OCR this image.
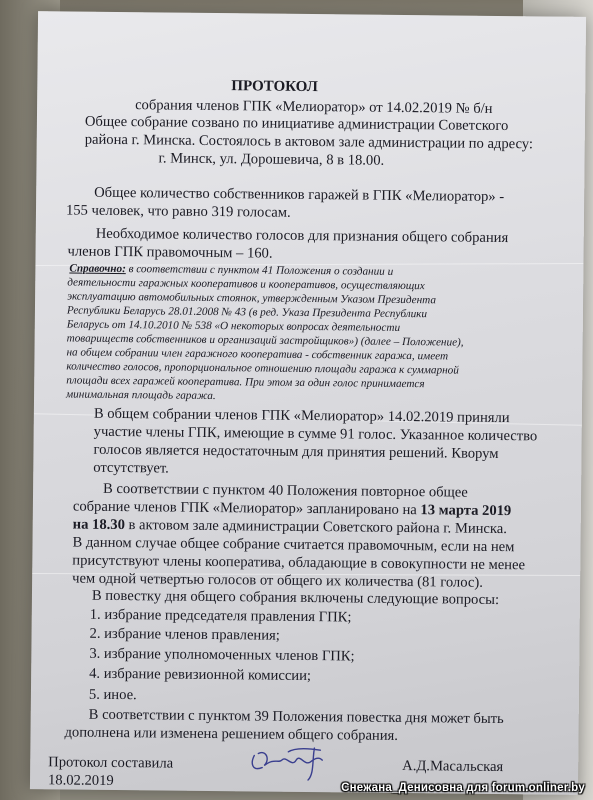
ПРОТОКОЛ
собрания членов ГПК «Мелиоратор» от 14.02.2019 № б/н
Общее собрание созвано по инициативе администрации Советского
района г. Минска. Состоялось в актовом зале администрации по адресу:
г. Минск, ул. Дорошевича, 8 в 18.00.
Общее количество собственников гаражей в ГПК «Мелиоратор» -
155 человек, что равно 319 голосам.
Необходимое количество голосов для признания общего собрания
членов ГПК правомочным – 160.
Справочно: в соответствии с пунктом 41 Положения о создании и
деятельности гаражных кооперативов и кооперативов, осуществляющих
эксплуатацию автомобильных стоянок, утвержденным Указом Президента
Республики Беларусь 28.01.2008 № 43 (в ред. Указа Президента Республики
Беларусь от 14.10.2010 № 538 «О некоторых вопросах деятельности
товариществ собственников и организаций застройщиков») (далее – Положение),
на общем собрании член гаражного кооператива - собственник гаража, имеет
количество голосов, пропорциональное отношению площади гаража к суммарной
площади всех гаражей кооператива. При этом за один голос принимается
минимальная площадь гаража.
В общем собрании членов ГПК «Мелиоратор» 14.02.2019 приняли
участие члены ГПК, имеющие в сумме 91 голос. Указанное количество
голосов является недостаточным для принятия решений. Кворум
отсутствует.
В соответствии с пунктом 40 Положения повторное общее
собрание членов ГПК «Мелиоратор» запланировано на 13 марта 2019
на 18.30 в актовом зале администрации Советского района г. Минска.
В данном случае общее собрание считается правомочным, если на нем
присутствуют члены кооператива, обладающие в совокупности не менее
чем одной четвертью голосов от общего их количества (81 голос).
В повестку дня общего собрания включены следующие вопросы:
1. избрание председателя правления ГПК;
2. избрание членов правления;
3. избрание уполномоченных членов ГПК;
4. избрание ревизионной комиссии;
5. иное.
В соответствии с пунктом 39 Положения повестка дня может быть
дополнена или изменена решением общего собрания.
Протокол составила
18.02.2019
А.Д.Масальская
Снежана_Денисовна для forum.onliner.by
